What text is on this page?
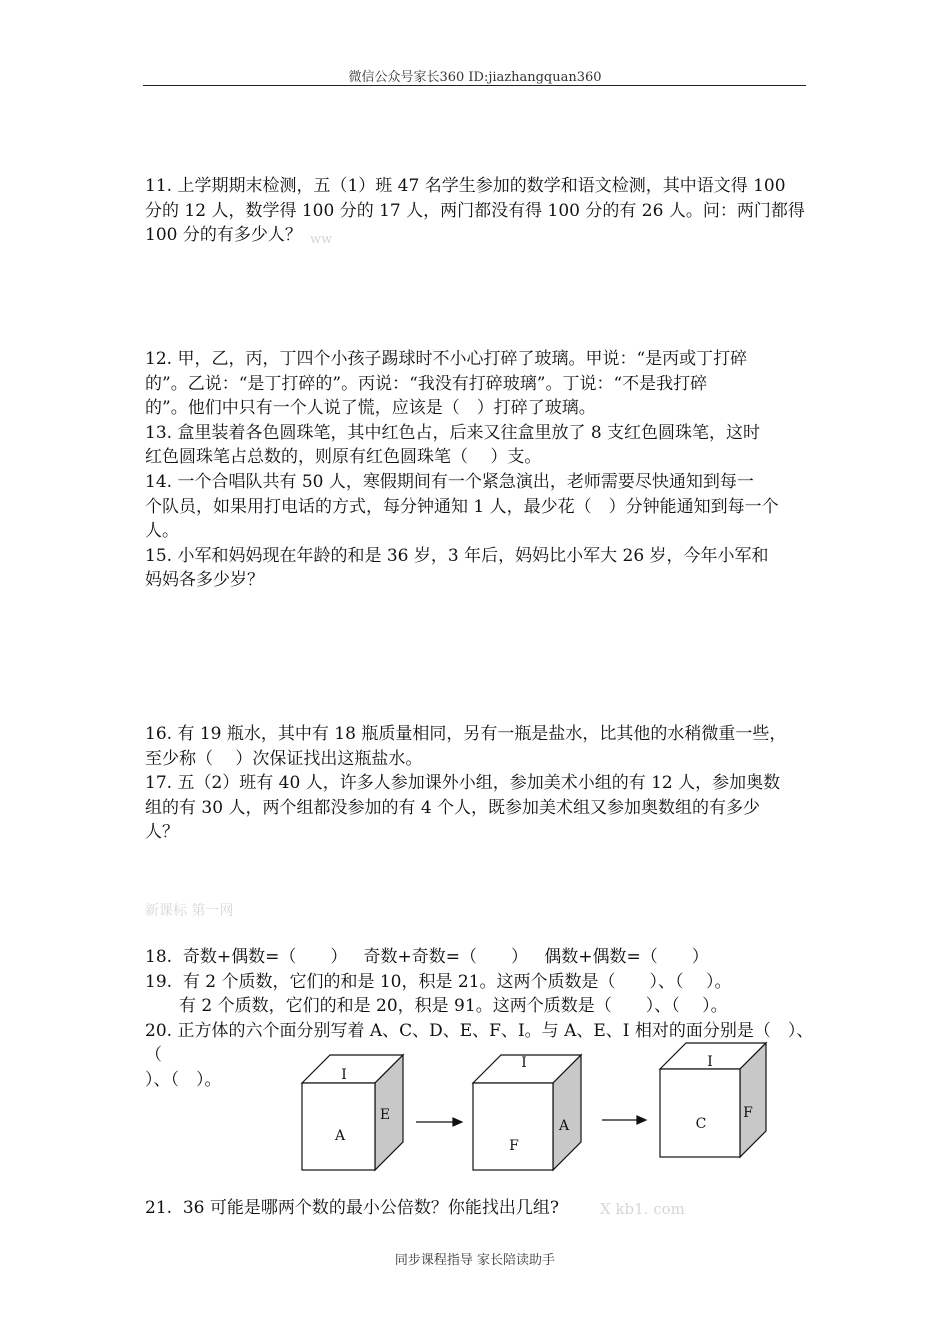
微信公众号家长360 ID:jiazhangquan360

11. 上学期期末检测，五（1）班 47 名学生参加的数学和语文检测，其中语文得 100
分的 12 人，数学得 100 分的 17 人，两门都没有得 100 分的有 26 人。问：两门都得
100 分的有多少人？ ww

12. 甲，乙，丙，丁四个小孩子踢球时不小心打碎了玻璃。甲说：“是丙或丁打碎
的”。乙说：“是丁打碎的”。丙说：“我没有打碎玻璃”。丁说：“不是我打碎
的”。他们中只有一个人说了慌，应该是（　）打碎了玻璃。
13. 盒里装着各色圆珠笔，其中红色占，后来又往盒里放了 8 支红色圆珠笔，这时
红色圆珠笔占总数的，则原有红色圆珠笔（　 ）支。
14. 一个合唱队共有 50 人，寒假期间有一个紧急演出，老师需要尽快通知到每一
个队员，如果用打电话的方式，每分钟通知 1 人，最少花（　）分钟能通知到每一个
人。
15. 小军和妈妈现在年龄的和是 36 岁，3 年后，妈妈比小军大 26 岁，今年小军和
妈妈各多少岁？

16. 有 19 瓶水，其中有 18 瓶质量相同，另有一瓶是盐水，比其他的水稍微重一些，
至少称（　 ）次保证找出这瓶盐水。
17. 五（2）班有 40 人，许多人参加课外小组，参加美术小组的有 12 人，参加奥数
组的有 30 人，两个组都没参加的有 4 个人，既参加美术组又参加奥数组的有多少
人？

新课标 第一网

18.  奇数+偶数=（　　）   奇数+奇数=（　　）   偶数+偶数=（　　）
19.  有 2 个质数，它们的和是 10，积是 21。这两个质数是（　　）、（　 ）。
　　有 2 个质数，它们的和是 20，积是 91。这两个质数是（　　）、（　 ）。
20. 正方体的六个面分别写着 A、C、D、E、F、I。与 A、E、I 相对的面分别是（　）、（
）、（　）。	I
A
E
I
F
A
I
C
F

21.  36 可能是哪两个数的最小公倍数？你能找出几组?	X kb1. com
同步课程指导 家长陪读助手
